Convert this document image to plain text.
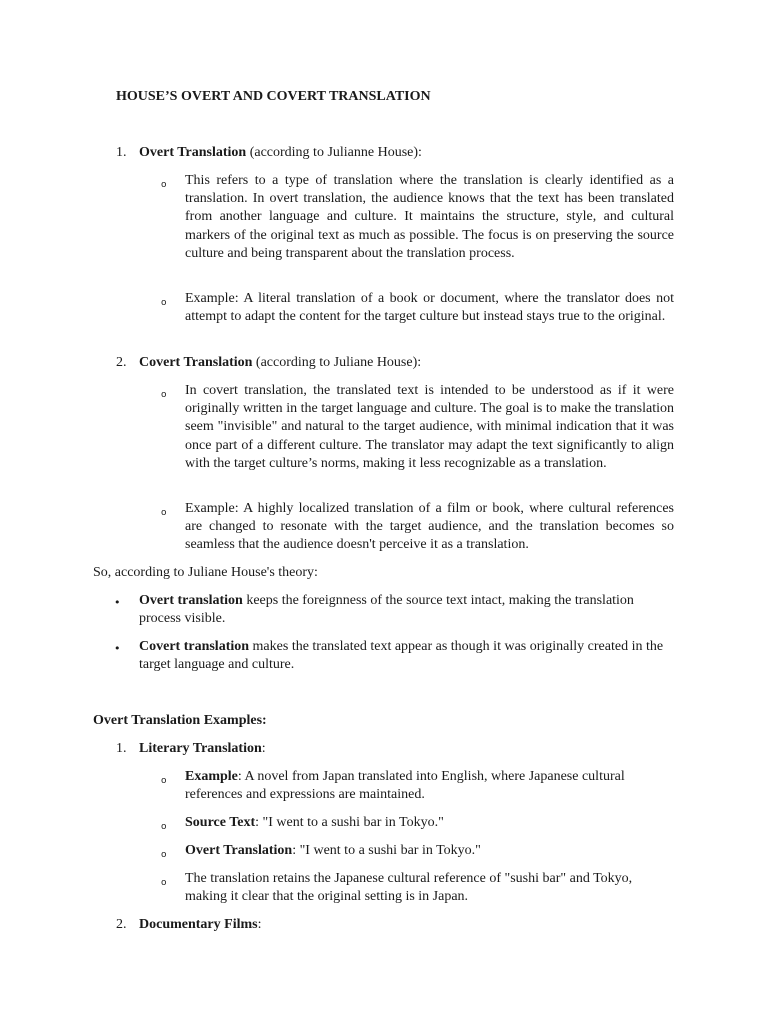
HOUSE’S OVERT AND COVERT TRANSLATION
1. Overt Translation (according to Julianne House):
o This refers to a type of translation where the translation is clearly identified as a translation. In overt translation, the audience knows that the text has been translated from another language and culture. It maintains the structure, style, and cultural markers of the original text as much as possible. The focus is on preserving the source culture and being transparent about the translation process.

o Example: A literal translation of a book or document, where the translator does not attempt to adapt the content for the target culture but instead stays true to the original.

2. Covert Translation (according to Juliane House):
o In covert translation, the translated text is intended to be understood as if it were originally written in the target language and culture. The goal is to make the translation seem "invisible" and natural to the target audience, with minimal indication that it was once part of a different culture. The translator may adapt the text significantly to align with the target culture’s norms, making it less recognizable as a translation.

o Example: A highly localized translation of a film or book, where cultural references are changed to resonate with the target audience, and the translation becomes so seamless that the audience doesn't perceive it as a translation.

So, according to Juliane House's theory:

• Overt translation keeps the foreignness of the source text intact, making the translation process visible.

• Covert translation makes the translated text appear as though it was originally created in the target language and culture.

Overt Translation Examples:
1. Literary Translation:
o Example: A novel from Japan translated into English, where Japanese cultural references and expressions are maintained.

o Source Text: "I went to a sushi bar in Tokyo."

o Overt Translation: "I went to a sushi bar in Tokyo."

o The translation retains the Japanese cultural reference of "sushi bar" and Tokyo, making it clear that the original setting is in Japan.

2. Documentary Films:
